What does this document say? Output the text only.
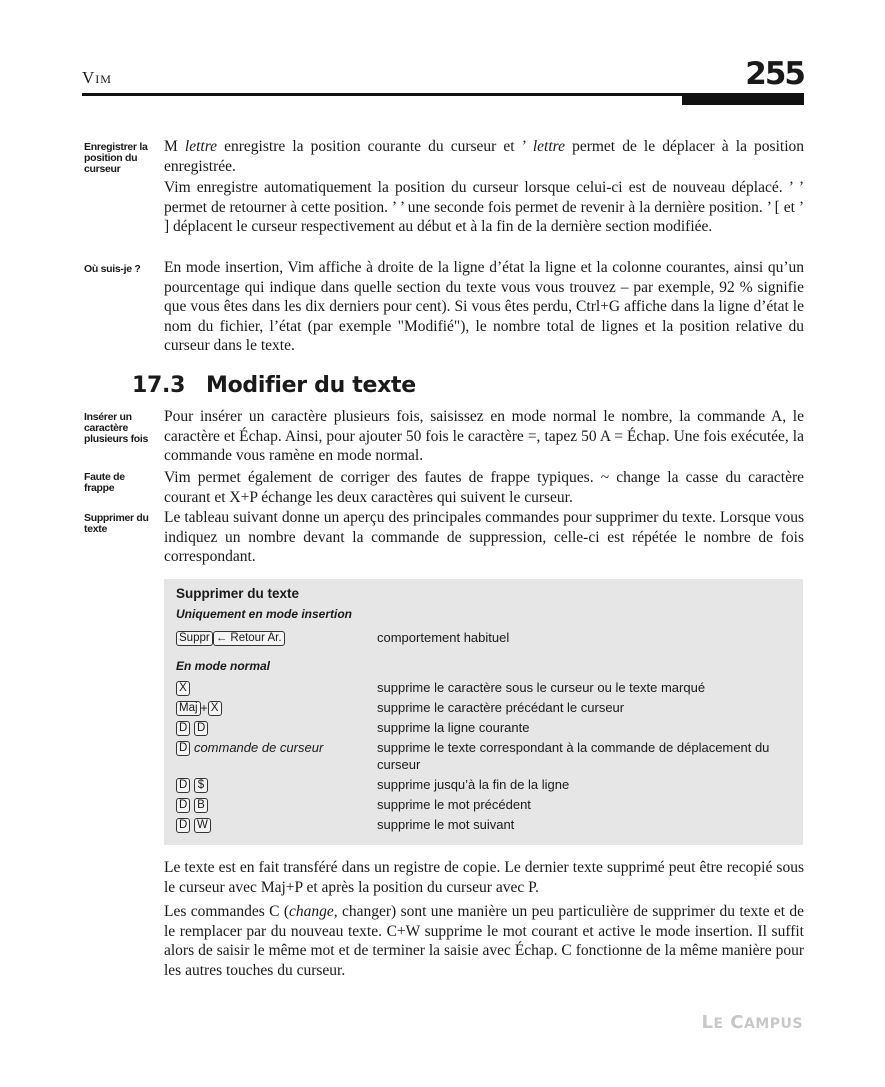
VIM	255
Enregistrer la position du curseur
Où suis-je ?
Insérer un caractère plusieurs fois
Faute de frappe
Supprimer du texte

M lettre enregistre la position courante du curseur et ’ lettre permet de le déplacer à la position enregistrée.

Vim enregistre automatiquement la position du curseur lorsque celui-ci est de nouveau déplacé. ’ ’ permet de retourner à cette position. ’ ’ une seconde fois permet de revenir à la dernière position. ’ [ et ’ ] déplacent le curseur respectivement au début et à la fin de la dernière section modifiée.

En mode insertion, Vim affiche à droite de la ligne d’état la ligne et la colonne courantes, ainsi qu’un pourcentage qui indique dans quelle section du texte vous vous trouvez – par exemple, 92 % signifie que vous êtes dans les dix derniers pour cent). Si vous êtes perdu, Ctrl+G affiche dans la ligne d’état le nom du fichier, l’état (par exemple "Modifié"), le nombre total de lignes et la position relative du curseur dans le texte.

17.3 Modifier du texte

Pour insérer un caractère plusieurs fois, saisissez en mode normal le nombre, la commande A, le caractère et Échap. Ainsi, pour ajouter 50 fois le caractère =, tapez 50 A = Échap. Une fois exécutée, la commande vous ramène en mode normal.

Vim permet également de corriger des fautes de frappe typiques. ~ change la casse du caractère courant et X+P échange les deux caractères qui suivent le curseur.

Le tableau suivant donne un aperçu des principales commandes pour supprimer du texte. Lorsque vous indiquez un nombre devant la commande de suppression, celle-ci est répétée le nombre de fois correspondant.

Supprimer du texte
Uniquement en mode insertion
Suppr ← Retour Ar.	comportement habituel
En mode normal
X	supprime le caractère sous le curseur ou le texte marqué
Maj + X	supprime le caractère précédant le curseur
D D	supprime la ligne courante
D commande de curseur	supprime le texte correspondant à la commande de déplacement du curseur
D $	supprime jusqu’à la fin de la ligne
D B	supprime le mot précédent
D W	supprime le mot suivant

Le texte est en fait transféré dans un registre de copie. Le dernier texte supprimé peut être recopié sous le curseur avec Maj+P et après la position du curseur avec P.

Les commandes C (change, changer) sont une manière un peu particulière de supprimer du texte et de le remplacer par du nouveau texte. C+W supprime le mot courant et active le mode insertion. Il suffit alors de saisir le même mot et de terminer la saisie avec Échap. C fonctionne de la même manière pour les autres touches du curseur.

LE CAMPUS
